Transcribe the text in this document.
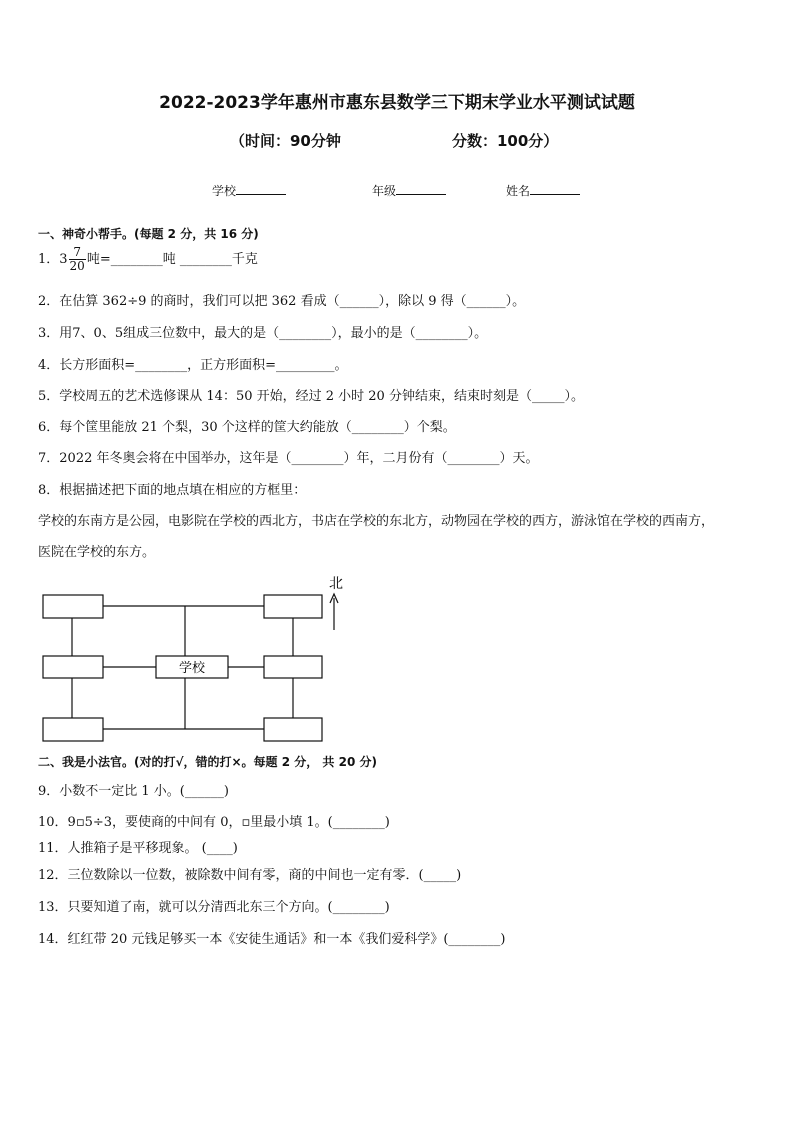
2022-2023学年惠州市惠东县数学三下期末学业水平测试试题
（时间：90分钟	分数：100分）
学校	年级	姓名
一、神奇小帮手。(每题 2 分，共 16 分)
1．$3 \frac{7}{20}$ 吨=________吨 ________千克
2．在估算 362÷9 的商时，我们可以把 362 看成（______），除以 9 得（______）。
3．用7、0、5组成三位数中，最大的是（________），最小的是（________）。
4．长方形面积=________，正方形面积=_________。
5．学校周五的艺术选修课从 14：50 开始，经过 2 小时 20 分钟结束，结束时刻是（_____）。
6．每个筐里能放 21 个梨，30 个这样的筐大约能放（________）个梨。
7．2022 年冬奥会将在中国举办，这年是（________）年，二月份有（________）天。
8．根据描述把下面的地点填在相应的方框里：
学校的东南方是公园，电影院在学校的西北方，书店在学校的东北方，动物园在学校的西方，游泳馆在学校的西南方，
医院在学校的东方。
学校
北
二、我是小法官。(对的打√，错的打×。每题 2 分， 共 20 分)
9．小数不一定比 1 小。(______)
10．9▫5÷3，要使商的中间有 0，▫里最小填 1。(________)
11．人推箱子是平移现象。 (____)
12．三位数除以一位数，被除数中间有零，商的中间也一定有零．(_____)
13．只要知道了南，就可以分清西北东三个方向。(________)
14．红红带 20 元钱足够买一本《安徒生通话》和一本《我们爱科学》(________)
